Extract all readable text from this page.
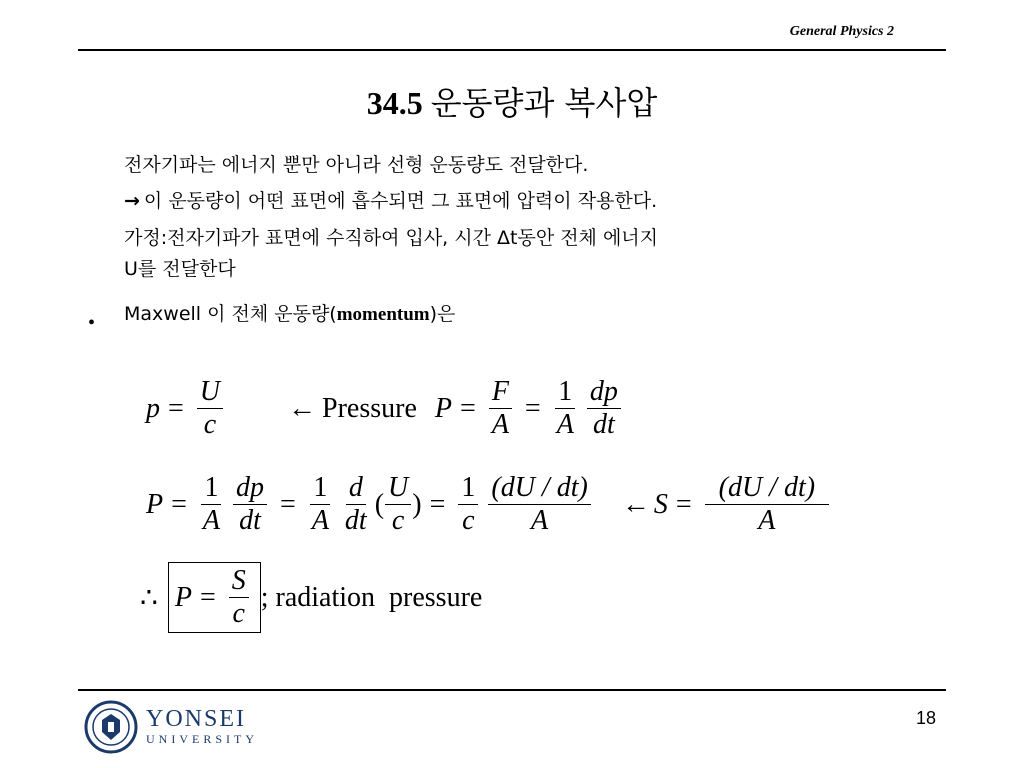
General Physics 2
34.5 운동량과 복사압

전자기파는 에너지 뿐만 아니라 선형 운동량도 전달한다.

→ 이 운동량이 어떤 표면에 흡수되면 그 표면에 압력이 작용한다.

가정:전자기파가 표면에 수직하여 입사, 시간 Δt동안 전체 에너지
U를 전달한다

Maxwell 이 전체 운동량(momentum)은

•
$p = \frac{U}{c}$ ← Pressure $P = \frac{F}{A} = \frac{1}{A} \frac{dp}{dt}$
$P = \frac{1}{A} \frac{dp}{dt} = \frac{1}{A} \frac{d}{dt}$ ( $\frac{U}{c}$ ) = $\frac{1}{c} \frac{(dU / dt)}{A}$ ← $S = \frac{(dU / dt)}{A}$
∴ $P = \frac{S}{c}$ ; radiation  pressure
YONSEI
UNIVERSITY
18
